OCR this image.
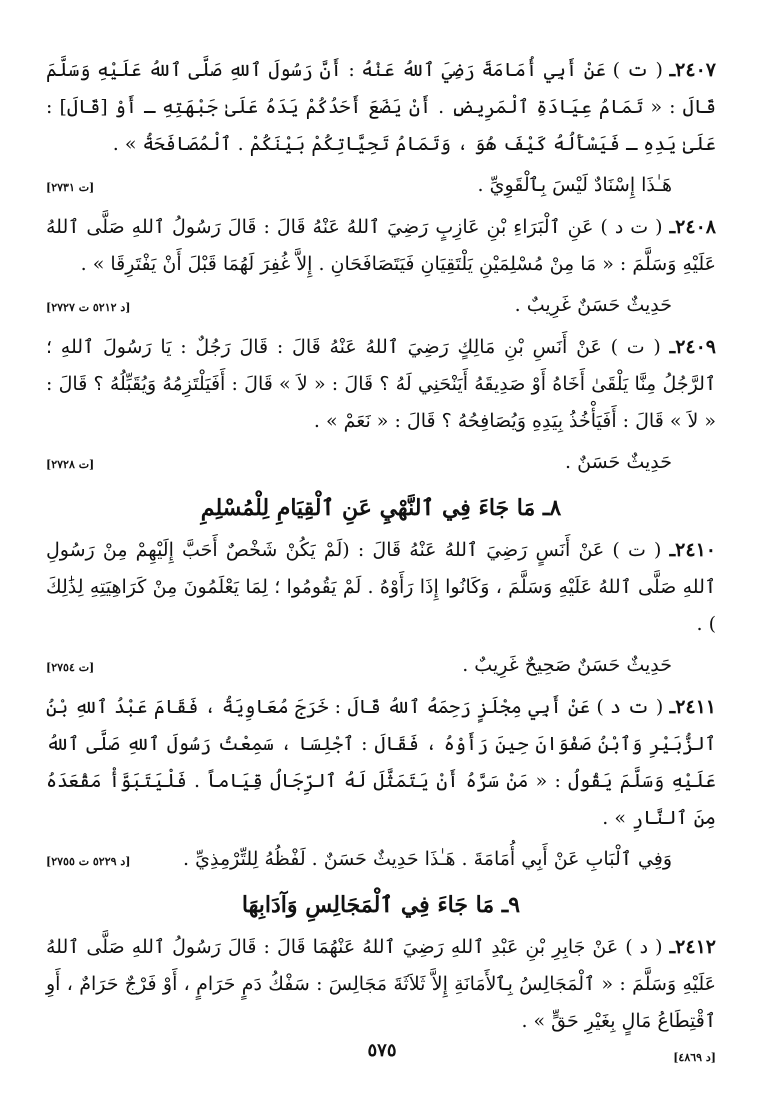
٢٤٠٧ـ ( ت ) عَنْ أَبِي أُمَامَةَ رَضِيَ ٱللهُ عَنْهُ : أَنَّ رَسُولَ ٱللهِ صَلَّى ٱللهُ عَلَيْهِ وَسَلَّمَ قَالَ : « تَمَامُ عِيَادَةِ ٱلْمَرِيضِ . أَنْ يَضَعَ أَحَدُكُمْ يَدَهُ عَلَىٰ جَبْهَتِهِ ـ أَوْ [قَالَ] : عَلَىٰ يَدِهِ ـ فَيَسْأَلُهُ كَيْفَ هُوَ ، وَتَمَامُ تَحِيَّاتِكُمْ بَيْنَكُمْ . ٱلْمُصَافَحَةُ » .

هَـٰذَا إِسْنَادٌ لَيْسَ بِٱلْقَوِيِّ .
[ت ٢٧٣١]

٢٤٠٨ـ ( ت د ) عَنِ ٱلْبَرَاءِ بْنِ عَازِبٍ رَضِيَ ٱللهُ عَنْهُ قَالَ : قَالَ رَسُولُ ٱللهِ صَلَّى ٱللهُ عَلَيْهِ وَسَلَّمَ : « مَا مِنْ مُسْلِمَيْنِ يَلْتَقِيَانِ فَيَتَصَافَحَانِ . إِلاَّ غُفِرَ لَهُمَا قَبْلَ أَنْ يَفْتَرِقَا » .

حَدِيثٌ حَسَنٌ غَرِيبٌ .
[د ٥٢١٢ ت ٢٧٢٧]

٢٤٠٩ـ ( ت ) عَنْ أَنَسِ بْنِ مَالِكٍ رَضِيَ ٱللهُ عَنْهُ قَالَ : قَالَ رَجُلٌ : يَا رَسُولَ ٱللهِ ؛ ٱلرَّجُلُ مِنَّا يَلْقَىٰ أَخَاهُ أَوْ صَدِيقَهُ أَيَنْحَنِي لَهُ ؟ قَالَ : « لاَ » قَالَ : أَفَيَلْتَزِمُهُ وَيُقَبِّلُهُ ؟ قَالَ : « لاَ » قَالَ : أَفَيَأْخُذُ بِيَدِهِ وَيُصَافِحُهُ ؟ قَالَ : « نَعَمْ » .

حَدِيثٌ حَسَنٌ .
[ت ٢٧٢٨]
٨ـ مَا جَاءَ فِي ٱلنَّهْيِ عَنِ ٱلْقِيَامِ لِلْمُسْلِمِ

٢٤١٠ـ ( ت ) عَنْ أَنَسٍ رَضِيَ ٱللهُ عَنْهُ قَالَ : (لَمْ يَكُنْ شَخْصٌ أَحَبَّ إِلَيْهِمْ مِنْ رَسُولِ ٱللهِ صَلَّى ٱللهُ عَلَيْهِ وَسَلَّمَ ، وَكَانُوا إِذَا رَأَوْهُ . لَمْ يَقُومُوا ؛ لِمَا يَعْلَمُونَ مِنْ كَرَاهِيَتِهِ لِذَٰلِكَ ) .

حَدِيثٌ حَسَنٌ صَحِيحٌ غَرِيبٌ .
[ت ٢٧٥٤]

٢٤١١ـ ( ت د ) عَنْ أَبِي مِجْلَزٍ رَحِمَهُ ٱللهُ قَالَ : خَرَجَ مُعَاوِيَةُ ، فَقَامَ عَبْدُ ٱللهِ بْنُ ٱلزُّبَيْرِ وَٱبْنُ صَفْوَانَ حِينَ رَأَوْهُ ، فَقَالَ : ٱجْلِسَا ، سَمِعْتُ رَسُولَ ٱللهِ صَلَّى ٱللهُ عَلَيْهِ وَسَلَّمَ يَقُولُ : « مَنْ سَرَّهُ أَنْ يَتَمَثَّلَ لَهُ ٱلرِّجَالُ قِيَاماً . فَلْيَتَبَوَّأْ مَقْعَدَهُ مِنَ ٱلنَّارِ » .

وَفِي ٱلْبَابِ عَنْ أَبِي أُمَامَةَ . هَـٰذَا حَدِيثٌ حَسَنٌ . لَفْظُهُ لِلتِّرْمِذِيِّ .
[د ٥٢٢٩ ت ٢٧٥٥]
٩ـ مَا جَاءَ فِي ٱلْمَجَالِسِ وَآدَابِهَا

٢٤١٢ـ ( د ) عَنْ جَابِرِ بْنِ عَبْدِ ٱللهِ رَضِيَ ٱللهُ عَنْهُمَا قَالَ : قَالَ رَسُولُ ٱللهِ صَلَّى ٱللهُ عَلَيْهِ وَسَلَّمَ : « ٱلْمَجَالِسُ بِٱلأَمَانَةِ إِلاَّ ثَلاَثَةَ مَجَالِسَ : سَفْكُ دَمٍ حَرَامٍ ، أَوْ فَرْجٌ حَرَامٌ ، أَوِ ٱقْتِطَاعُ مَالٍ بِغَيْرِ حَقٍّ » .

[د ٤٨٦٩]
٥٧٥
